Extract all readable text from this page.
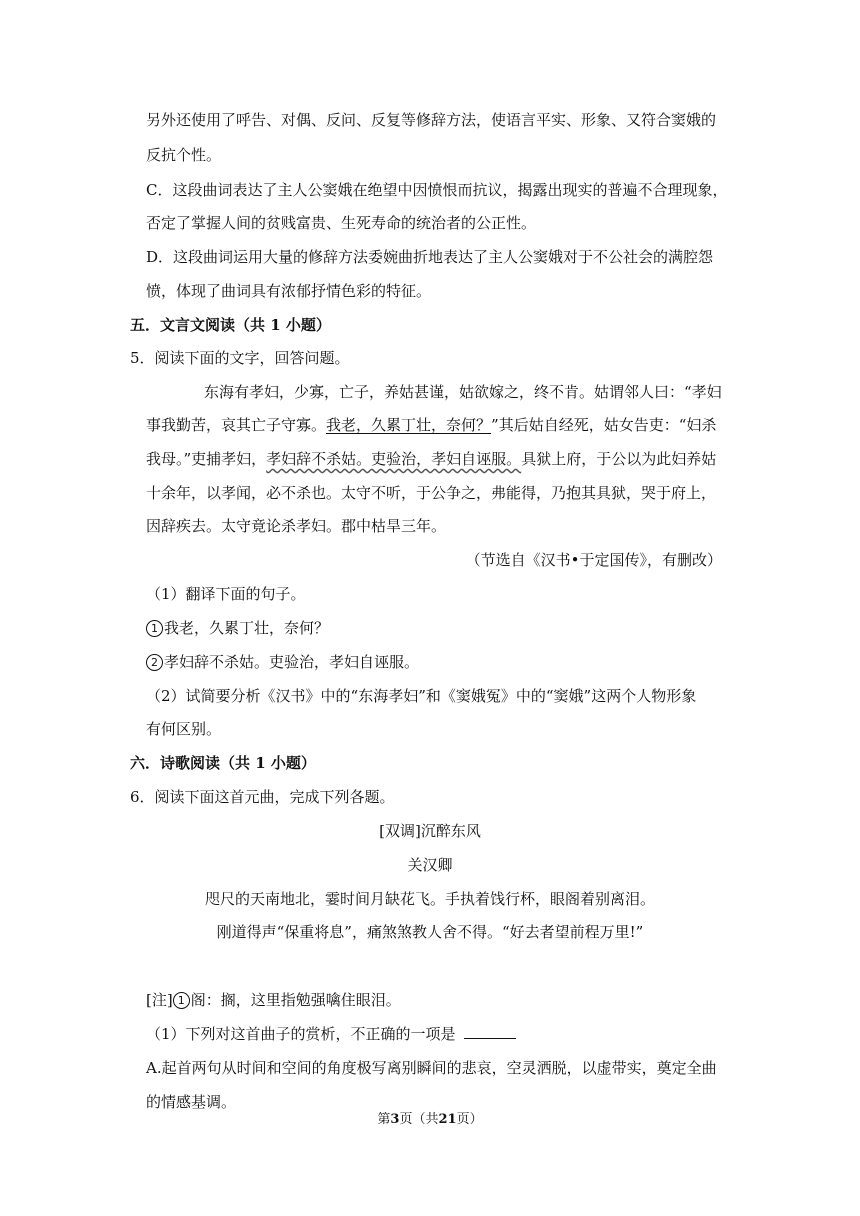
另外还使用了呼告、对偶、反问、反复等修辞方法，使语言平实、形象、又符合窦娥的
反抗个性。
C．这段曲词表达了主人公窦娥在绝望中因愤恨而抗议，揭露出现实的普遍不合理现象，
否定了掌握人间的贫贱富贵、生死寿命的统治者的公正性。
D．这段曲词运用大量的修辞方法委婉曲折地表达了主人公窦娥对于不公社会的满腔怨
愤，体现了曲词具有浓郁抒情色彩的特征。
五．文言文阅读（共 1 小题）
5．阅读下面的文字，回答问题。
东海有孝妇，少寡，亡子，养姑甚谨，姑欲嫁之，终不肯。姑谓邻人曰：“孝妇
事我勤苦，哀其亡子守寡。我老，久累丁壮，奈何？”其后姑自经死，姑女告吏：“妇杀
我母。”吏捕孝妇，孝妇辞不杀姑。吏验治，孝妇自诬服。具狱上府，于公以为此妇养姑
十余年，以孝闻，必不杀也。太守不听，于公争之，弗能得，乃抱其具狱，哭于府上，
因辞疾去。太守竟论杀孝妇。郡中枯旱三年。
（节选自《汉书•于定国传》，有删改）
（1）翻译下面的句子。
1 我老，久累丁壮，奈何？
2 孝妇辞不杀姑。吏验治，孝妇自诬服。
（2）试简要分析《汉书》中的“东海孝妇”和《窦娥冤》中的“窦娥”这两个人物形象
有何区别。
六．诗歌阅读（共 1 小题）
6．阅读下面这首元曲，完成下列各题。
[双调]沉醉东风
关汉卿
咫尺的天南地北，霎时间月缺花飞。手执着饯行杯，眼阁着别离泪。
刚道得声“保重将息”，痛煞煞教人舍不得。“好去者望前程万里!”
[注] 1 阁：搁，这里指勉强噙住眼泪。
（1）下列对这首曲子的赏析，不正确的一项是
A.起首两句从时间和空间的角度极写离别瞬间的悲哀，空灵洒脱，以虚带实，奠定全曲
的情感基调。
第3页（共21页）
